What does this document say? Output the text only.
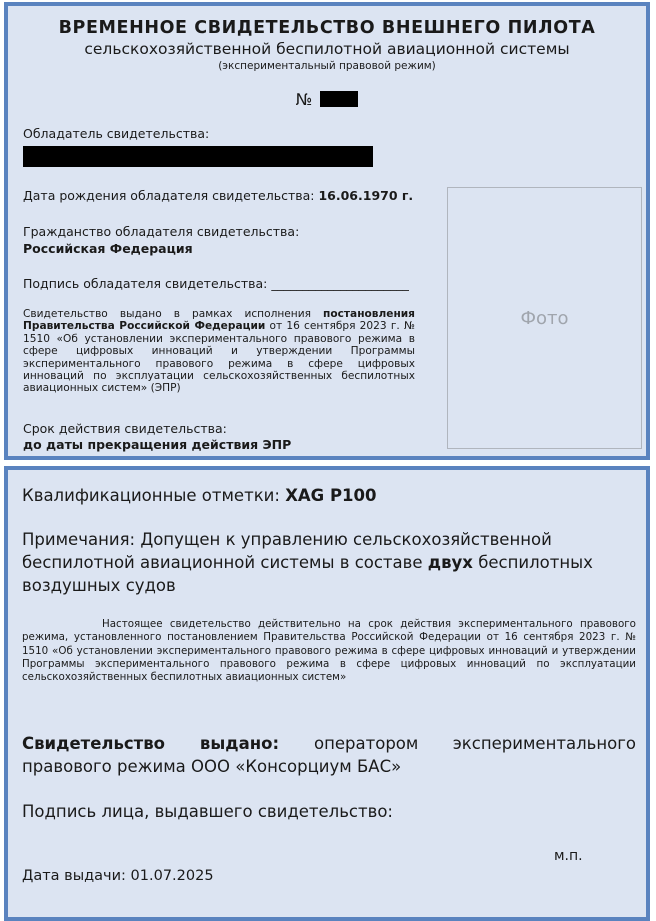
ВРЕМЕННОЕ СВИДЕТЕЛЬСТВО ВНЕШНЕГО ПИЛОТА
сельскохозяйственной беспилотной авиационной системы
(экспериментальный правовой режим)
№
Обладатель свидетельства:
Дата рождения обладателя свидетельства: 16.06.1970 г.
Гражданство обладателя свидетельства:
Российская Федерация
Подпись обладателя свидетельства: ______________________
Свидетельство выдано в рамках исполнения постановления Правительства Российской Федерации от 16 сентября 2023 г. № 1510 «Об установлении экспериментального правового режима в сфере цифровых инноваций и утверждении Программы экспериментального правового режима в сфере цифровых инноваций по эксплуатации сельскохозяйственных беспилотных авиационных систем» (ЭПР)
Срок действия свидетельства:
до даты прекращения действия ЭПР
Фото
Квалификационные отметки: XAG P100
Примечания: Допущен к управлению сельскохозяйственной беспилотной авиационной системы в составе двух беспилотных воздушных судов
Настоящее свидетельство действительно на срок действия экспериментального правового режима, установленного постановлением Правительства Российской Федерации от 16 сентября 2023 г. № 1510 «Об установлении экспериментального правового режима в сфере цифровых инноваций и утверждении Программы экспериментального правового режима в сфере цифровых инноваций по эксплуатации сельскохозяйственных беспилотных авиационных систем»
Свидетельство выдано: оператором экспериментального правового режима ООО «Консорциум БАС»
Подпись лица, выдавшего свидетельство:
м.п.
Дата выдачи: 01.07.2025
